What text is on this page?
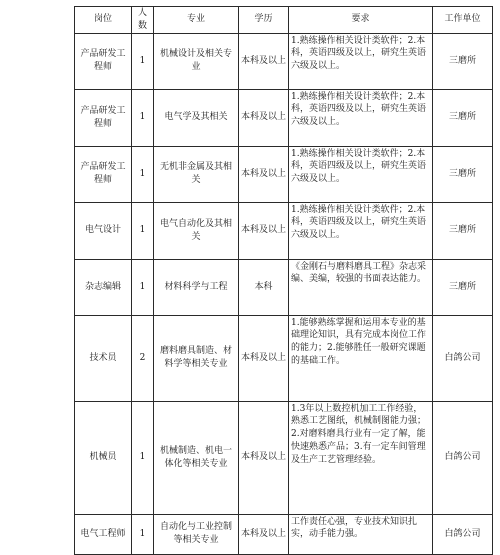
岗位	人数	专业	学历	要求	工作单位
产品研发工程师	1	机械设计及相关专业	本科及以上	1.熟练操作相关设计类软件；2.本科，英语四级及以上，研究生英语六级及以上。	三磨所
产品研发工程师	1	电气学及其相关	本科及以上	1.熟练操作相关设计类软件；2.本科，英语四级及以上，研究生英语六级及以上。	三磨所
产品研发工程师	1	无机非金属及其相关	本科及以上	1.熟练操作相关设计类软件；2.本科，英语四级及以上，研究生英语六级及以上。	三磨所
电气设计	1	电气自动化及其相关	本科及以上	1.熟练操作相关设计类软件；2.本科，英语四级及以上，研究生英语六级及以上。	三磨所
杂志编辑	1	材料科学与工程	本科	《金刚石与磨料磨具工程》杂志采编、美编，较强的书面表达能力。	三磨所
技术员	2	磨料磨具制造、材料学等相关专业	本科及以上	1.能够熟练掌握和运用本专业的基础理论知识，具有完成本岗位工作的能力；2.能够胜任一般研究课题的基础工作。	白鸽公司
机械员	1	机械制造、机电一体化等相关专业	本科及以上	1.3年以上数控机加工工作经验，熟悉工艺图纸，机械制图能力强；2.对磨料磨具行业有一定了解，能快速熟悉产品；3.有一定车间管理及生产工艺管理经验。	白鸽公司
电气工程师	1	自动化与工业控制等相关专业	本科及以上	工作责任心强，专业技术知识扎实，动手能力强。	白鸽公司
